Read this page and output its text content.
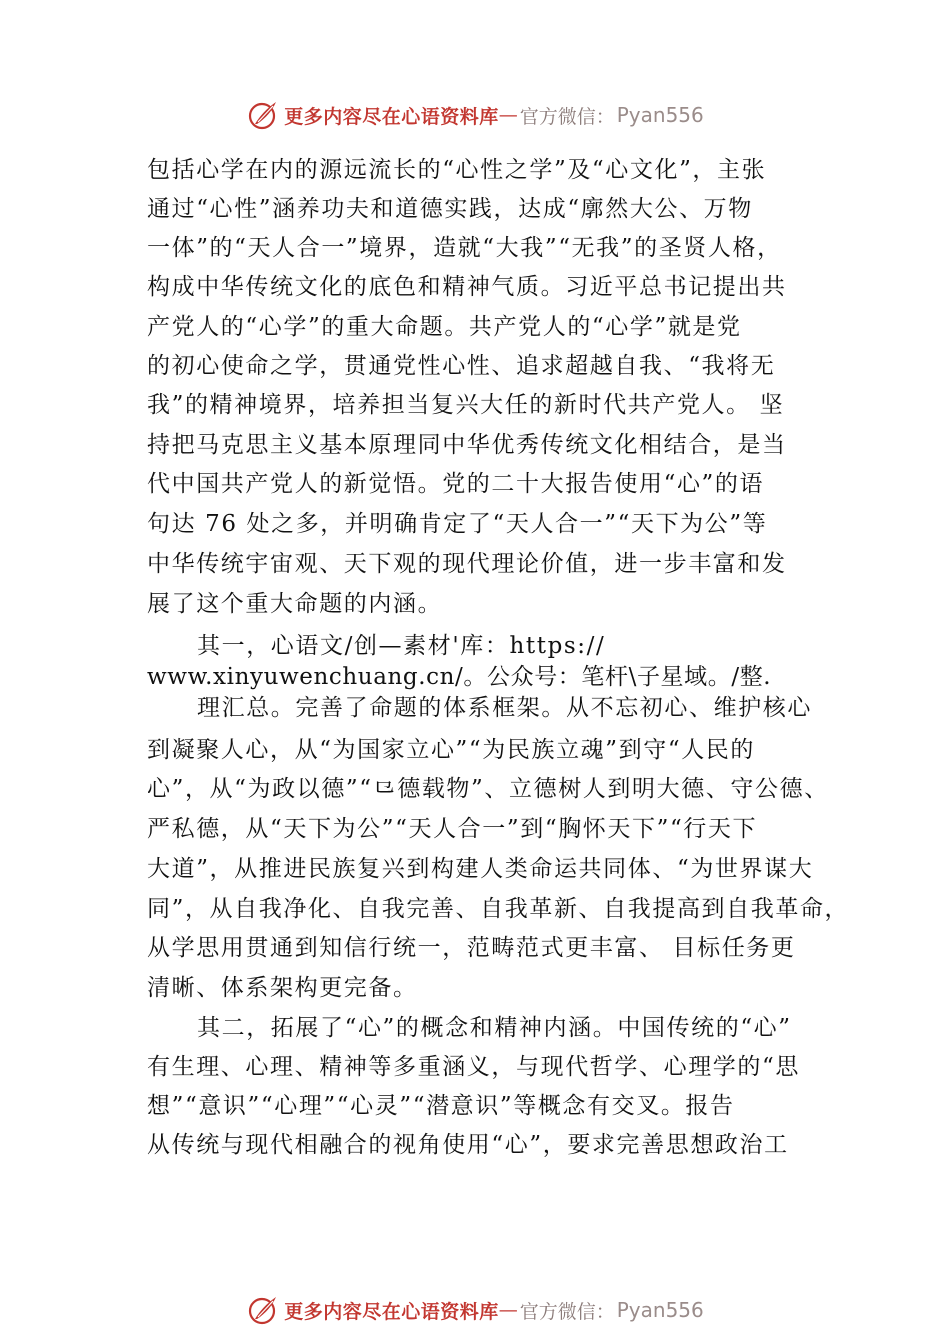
更多内容尽在心语资料库 — 官方微信： Pyan556
包括心学在内的源远流长的“心性之学”及“心文化”，主张
通过“心性”涵养功夫和道德实践，达成“廓然大公、万物
一体”的“天人合一”境界，造就“大我”“无我”的圣贤人格，
构成中华传统文化的底色和精神气质。习近平总书记提出共
产党人的“心学”的重大命题。共产党人的“心学”就是党
的初心使命之学，贯通党性心性、追求超越自我、“我将无
我”的精神境界，培养担当复兴大任的新时代共产党人。 坚
持把马克思主义基本原理同中华优秀传统文化相结合，是当
代中国共产党人的新觉悟。党的二十大报告使用“心”的语
句达 76 处之多，并明确肯定了“天人合一”“天下为公”等
中华传统宇宙观、天下观的现代理论价值，进一步丰富和发
展了这个重大命题的内涵。
其一，心语文/创—素材'库：https://
www.xinyuwenchuang.cn/。公众号：笔杆\子星域。/整.
理汇总。完善了命题的体系框架。从不忘初心、维护核心
到凝聚人心，从“为国家立心”“为民族立魂”到守“人民的
心”，从“为政以德”“⺋德载物”、立德树人到明大德、守公德、
严私德，从“天下为公”“天人合一”到“胸怀天下”“行天下
大道”，从推进民族复兴到构建人类命运共同体、“为世界谋大
同”，从自我净化、自我完善、自我革新、自我提高到自我革命，
从学思用贯通到知信行统一，范畴范式更丰富、 目标任务更
清晰、体系架构更完备。
其二，拓展了“心”的概念和精神内涵。中国传统的“心”
有生理、心理、精神等多重涵义，与现代哲学、心理学的“思
想”“意识”“心理”“心灵”“潜意识”等概念有交叉。报告
从传统与现代相融合的视角使用“心”，要求完善思想政治工
更多内容尽在心语资料库 — 官方微信： Pyan556
